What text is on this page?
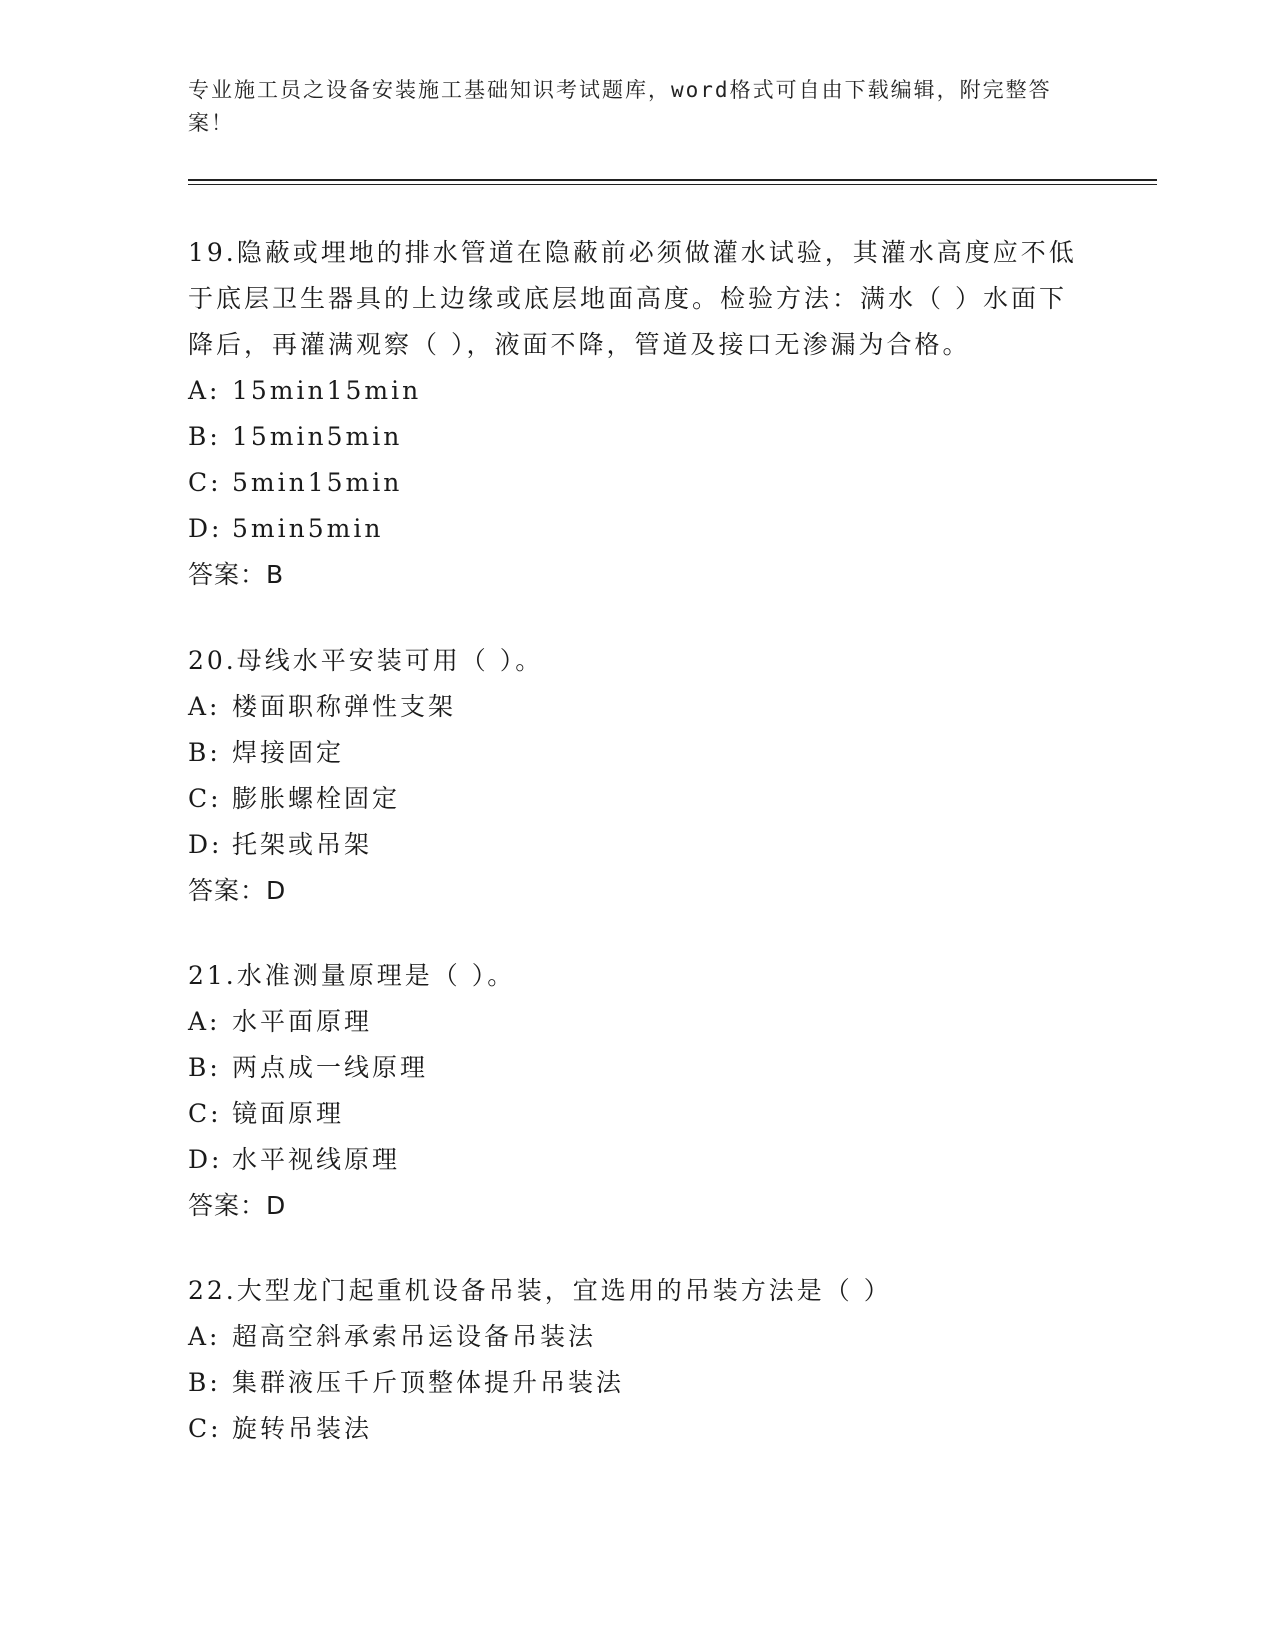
专业施工员之设备安装施工基础知识考试题库，word格式可自由下载编辑，附完整答案！

19.隐蔽或埋地的排水管道在隐蔽前必须做灌水试验，其灌水高度应不低于底层卫生器具的上边缘或底层地面高度。检验方法：满水（ ）水面下降后，再灌满观察（ ），液面不降，管道及接口无渗漏为合格。

A: 15min15min

B: 15min5min

C: 5min15min

D: 5min5min

答案：B

20.母线水平安装可用（ ）。

A: 楼面职称弹性支架

B: 焊接固定

C: 膨胀螺栓固定

D: 托架或吊架

答案：D

21.水准测量原理是（ ）。

A: 水平面原理

B: 两点成一线原理

C: 镜面原理

D: 水平视线原理

答案：D

22.大型龙门起重机设备吊装，宜选用的吊装方法是（ ）

A: 超高空斜承索吊运设备吊装法

B: 集群液压千斤顶整体提升吊装法

C: 旋转吊装法
